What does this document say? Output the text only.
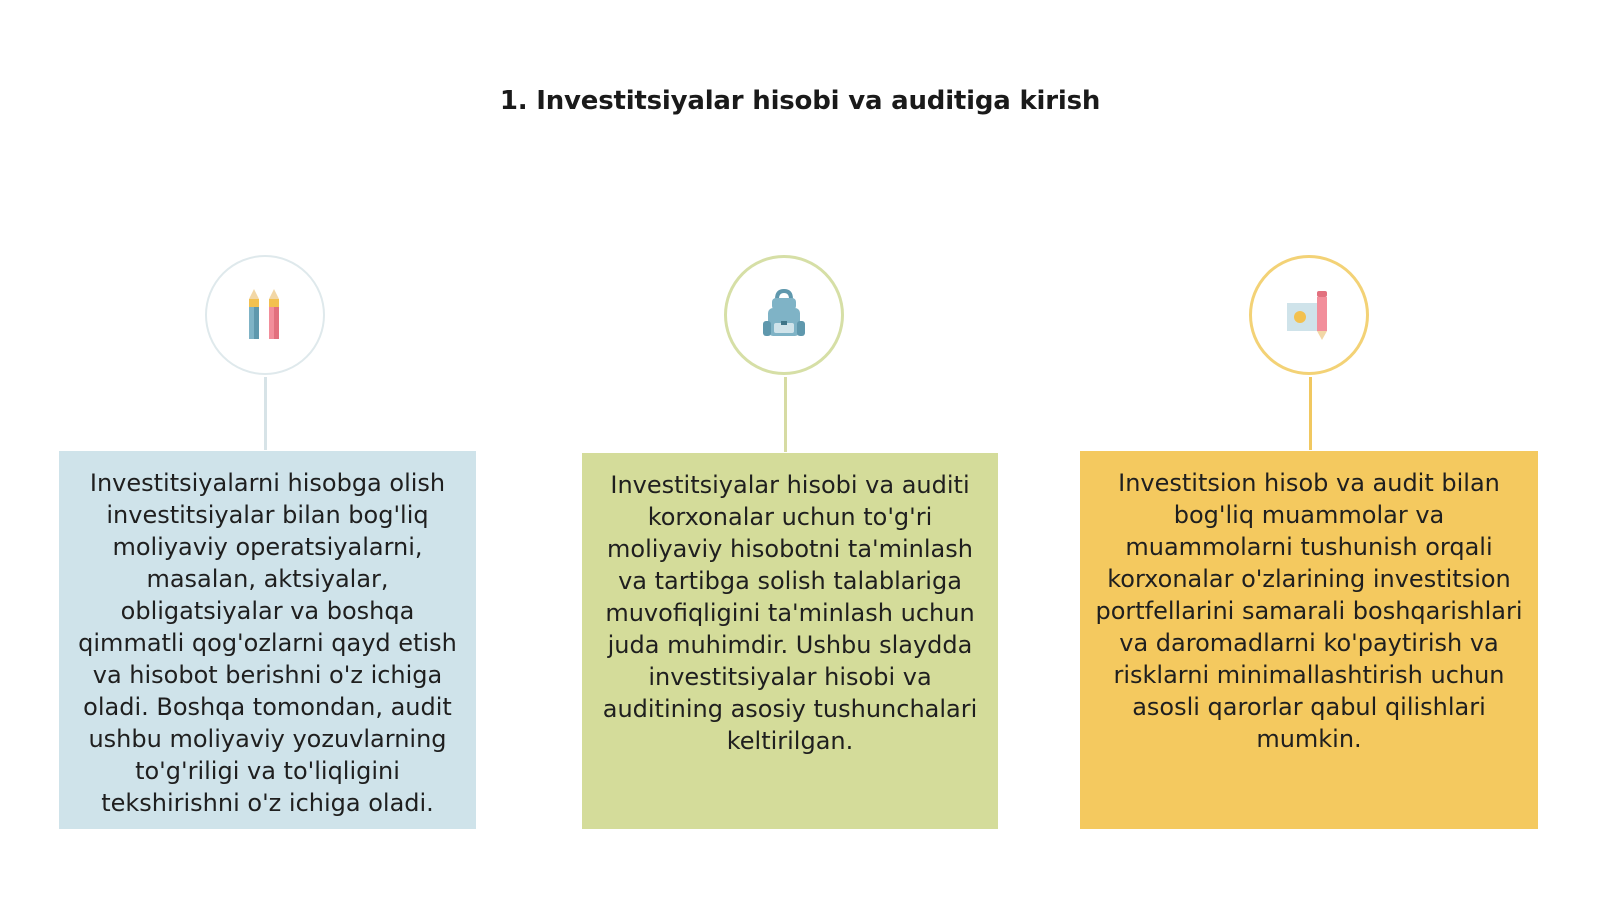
1. Investitsiyalar hisobi va auditiga kirish
Investitsiyalarni hisobga olish investitsiyalar bilan bog'liq moliyaviy operatsiyalarni, masalan, aktsiyalar, obligatsiyalar va boshqa qimmatli qog'ozlarni qayd etish va hisobot berishni o'z ichiga oladi. Boshqa tomondan, audit ushbu moliyaviy yozuvlarning to'g'riligi va to'liqligini tekshirishni o'z ichiga oladi.
Investitsiyalar hisobi va auditi korxonalar uchun to'g'ri moliyaviy hisobotni ta'minlash va tartibga solish talablariga muvofiqligini ta'minlash uchun juda muhimdir. Ushbu slaydda investitsiyalar hisobi va auditining asosiy tushunchalari keltirilgan.
Investitsion hisob va audit bilan bog'liq muammolar va muammolarni tushunish orqali korxonalar o'zlarining investitsion portfellarini samarali boshqarishlari va daromadlarni ko'paytirish va risklarni minimallashtirish uchun asosli qarorlar qabul qilishlari mumkin.
